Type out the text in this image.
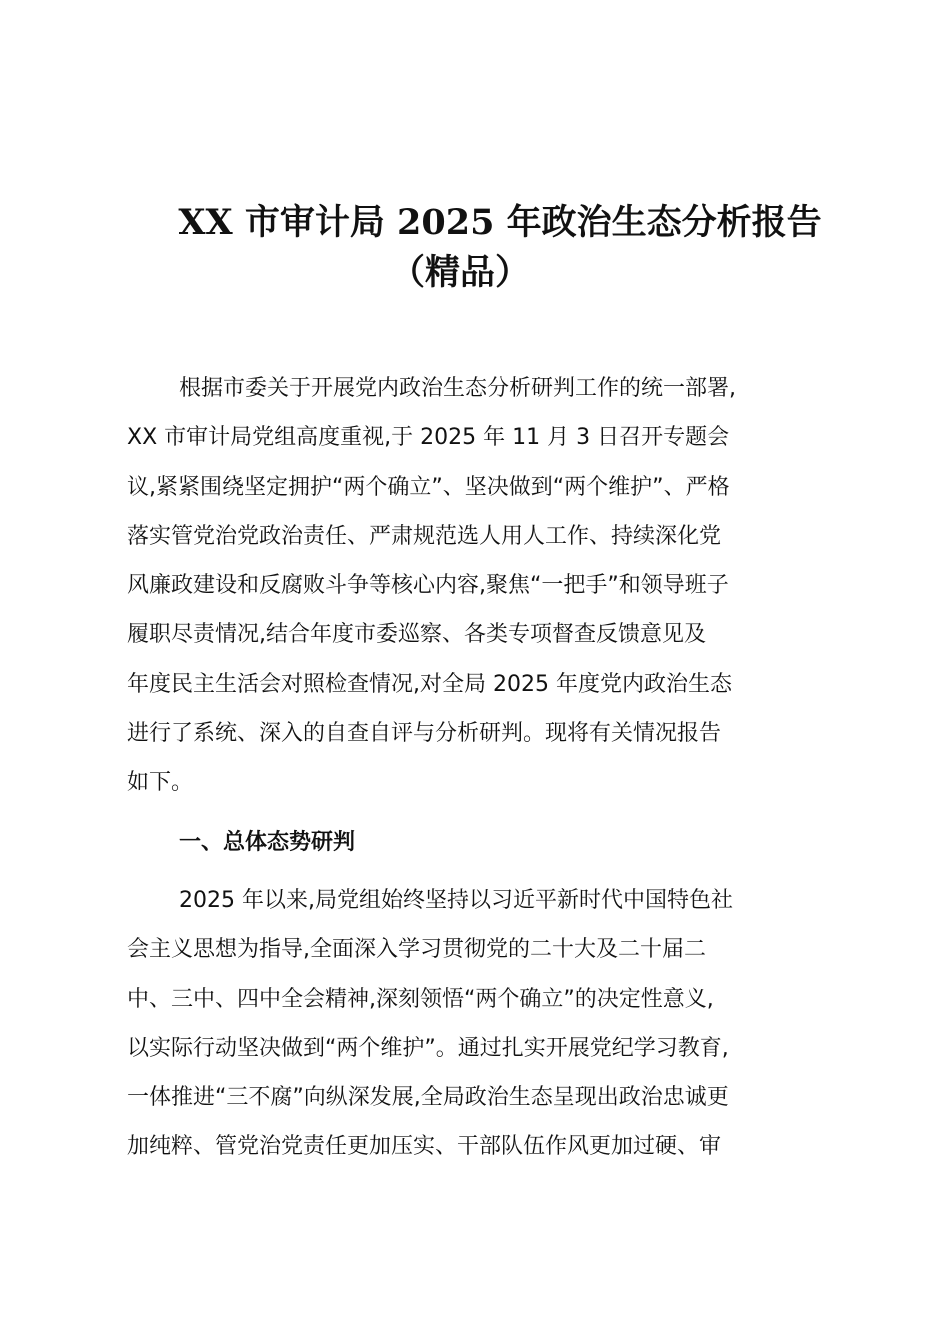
XX 市审计局 2025 年政治生态分析报告
（精品）
根据市委关于开展党内政治生态分析研判工作的统一部署,
XX 市审计局党组高度重视,于 2025 年 11 月 3 日召开专题会
议,紧紧围绕坚定拥护“两个确立”、坚决做到“两个维护”、严格
落实管党治党政治责任、严肃规范选人用人工作、持续深化党
风廉政建设和反腐败斗争等核心内容,聚焦“一把手”和领导班子
履职尽责情况,结合年度市委巡察、各类专项督查反馈意见及
年度民主生活会对照检查情况,对全局 2025 年度党内政治生态
进行了系统、深入的自查自评与分析研判。现将有关情况报告
如下。
一、总体态势研判
2025 年以来,局党组始终坚持以习近平新时代中国特色社
会主义思想为指导,全面深入学习贯彻党的二十大及二十届二
中、三中、四中全会精神,深刻领悟“两个确立”的决定性意义,
以实际行动坚决做到“两个维护”。通过扎实开展党纪学习教育,
一体推进“三不腐”向纵深发展,全局政治生态呈现出政治忠诚更
加纯粹、管党治党责任更加压实、干部队伍作风更加过硬、审
